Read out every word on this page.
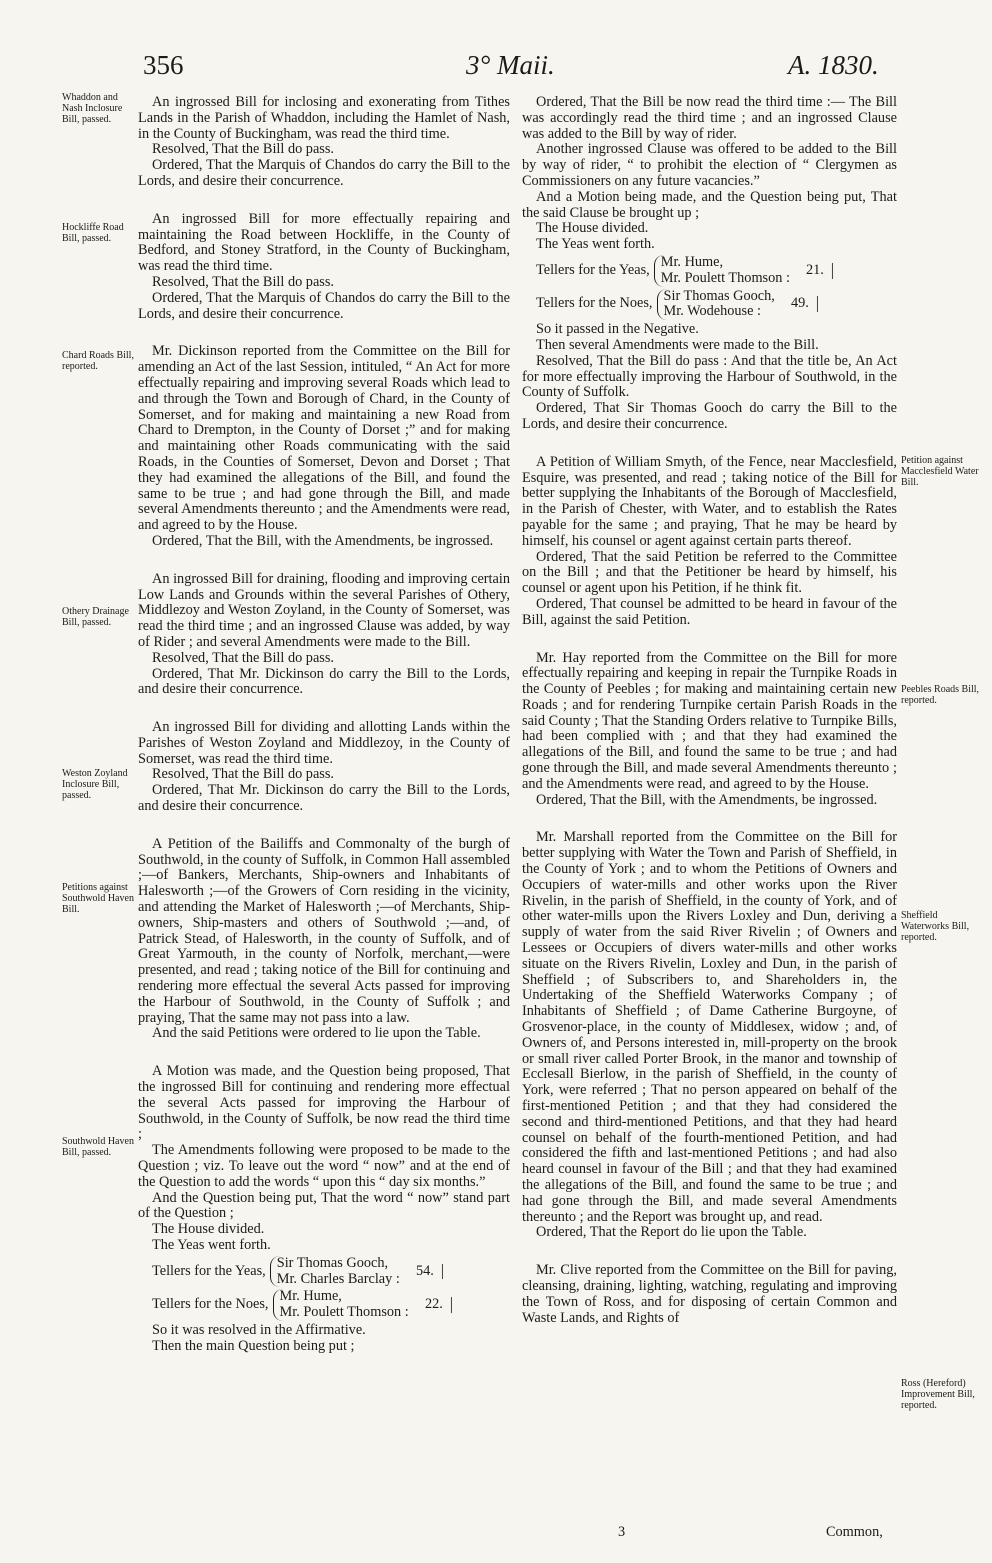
356	3° Maii.	A. 1830.
Whaddon and Nash Inclosure Bill, passed.
Hockliffe Road Bill, passed.
Chard Roads Bill, reported.
Othery Drainage Bill, passed.
Weston Zoyland Inclosure Bill, passed.
Petitions against Southwold Haven Bill.
Southwold Haven Bill, passed.
Petition against Macclesfield Water Bill.
Peebles Roads Bill, reported.
Sheffield Waterworks Bill, reported.
Ross (Hereford) Improvement Bill, reported.

An ingrossed Bill for inclosing and exonerating from Tithes Lands in the Parish of Whaddon, including the Hamlet of Nash, in the County of Buckingham, was read the third time.

Resolved, That the Bill do pass.

Ordered, That the Marquis of Chandos do carry the Bill to the Lords, and desire their concurrence.

An ingrossed Bill for more effectually repairing and maintaining the Road between Hockliffe, in the County of Bedford, and Stoney Stratford, in the County of Buckingham, was read the third time.

Resolved, That the Bill do pass.

Ordered, That the Marquis of Chandos do carry the Bill to the Lords, and desire their concurrence.

Mr. Dickinson reported from the Committee on the Bill for amending an Act of the last Session, intituled, “ An Act for more effectually repairing and improving several Roads which lead to and through the Town and Borough of Chard, in the County of Somerset, and for making and maintaining a new Road from Chard to Drempton, in the County of Dorset ;” and for making and maintaining other Roads communicating with the said Roads, in the Counties of Somerset, Devon and Dorset ; That they had examined the allegations of the Bill, and found the same to be true ; and had gone through the Bill, and made several Amendments thereunto ; and the Amendments were read, and agreed to by the House.

Ordered, That the Bill, with the Amendments, be ingrossed.

An ingrossed Bill for draining, flooding and improving certain Low Lands and Grounds within the several Parishes of Othery, Middlezoy and Weston Zoyland, in the County of Somerset, was read the third time ; and an ingrossed Clause was added, by way of Rider ; and several Amendments were made to the Bill.

Resolved, That the Bill do pass.

Ordered, That Mr. Dickinson do carry the Bill to the Lords, and desire their concurrence.

An ingrossed Bill for dividing and allotting Lands within the Parishes of Weston Zoyland and Middlezoy, in the County of Somerset, was read the third time.

Resolved, That the Bill do pass.

Ordered, That Mr. Dickinson do carry the Bill to the Lords, and desire their concurrence.

A Petition of the Bailiffs and Commonalty of the burgh of Southwold, in the county of Suffolk, in Common Hall assembled ;—of Bankers, Merchants, Ship-owners and Inhabitants of Halesworth ;—of the Growers of Corn residing in the vicinity, and attending the Market of Halesworth ;—of Merchants, Ship-owners, Ship-masters and others of Southwold ;—and, of Patrick Stead, of Halesworth, in the county of Suffolk, and of Great Yarmouth, in the county of Norfolk, merchant,—were presented, and read ; taking notice of the Bill for continuing and rendering more effectual the several Acts passed for improving the Harbour of Southwold, in the County of Suffolk ; and praying, That the same may not pass into a law.

And the said Petitions were ordered to lie upon the Table.

A Motion was made, and the Question being proposed, That the ingrossed Bill for continuing and rendering more effectual the several Acts passed for improving the Harbour of Southwold, in the County of Suffolk, be now read the third time ;

The Amendments following were proposed to be made to the Question ; viz. To leave out the word “ now” and at the end of the Question to add the words “ upon this “ day six months.”

And the Question being put, That the word “ now” stand part of the Question ;

The House divided.

The Yeas went forth.

Tellers for the Yeas, Sir Thomas Gooch,
Mr. Charles Barclay :	54.
Tellers for the Noes, Mr. Hume,
Mr. Poulett Thomson :	22.

So it was resolved in the Affirmative.

Then the main Question being put ;

Ordered, That the Bill be now read the third time :— The Bill was accordingly read the third time ; and an ingrossed Clause was added to the Bill by way of rider.

Another ingrossed Clause was offered to be added to the Bill by way of rider, “ to prohibit the election of “ Clergymen as Commissioners on any future vacancies.”

And a Motion being made, and the Question being put, That the said Clause be brought up ;

The House divided.

The Yeas went forth.

Tellers for the Yeas, Mr. Hume,
Mr. Poulett Thomson :	21.
Tellers for the Noes, Sir Thomas Gooch,
Mr. Wodehouse :	49.

So it passed in the Negative.

Then several Amendments were made to the Bill.

Resolved, That the Bill do pass : And that the title be, An Act for more effectually improving the Harbour of Southwold, in the County of Suffolk.

Ordered, That Sir Thomas Gooch do carry the Bill to the Lords, and desire their concurrence.

A Petition of William Smyth, of the Fence, near Macclesfield, Esquire, was presented, and read ; taking notice of the Bill for better supplying the Inhabitants of the Borough of Macclesfield, in the Parish of Chester, with Water, and to establish the Rates payable for the same ; and praying, That he may be heard by himself, his counsel or agent against certain parts thereof.

Ordered, That the said Petition be referred to the Committee on the Bill ; and that the Petitioner be heard by himself, his counsel or agent upon his Petition, if he think fit.

Ordered, That counsel be admitted to be heard in favour of the Bill, against the said Petition.

Mr. Hay reported from the Committee on the Bill for more effectually repairing and keeping in repair the Turnpike Roads in the County of Peebles ; for making and maintaining certain new Roads ; and for rendering Turnpike certain Parish Roads in the said County ; That the Standing Orders relative to Turnpike Bills, had been complied with ; and that they had examined the allegations of the Bill, and found the same to be true ; and had gone through the Bill, and made several Amendments thereunto ; and the Amendments were read, and agreed to by the House.

Ordered, That the Bill, with the Amendments, be ingrossed.

Mr. Marshall reported from the Committee on the Bill for better supplying with Water the Town and Parish of Sheffield, in the County of York ; and to whom the Petitions of Owners and Occupiers of water-mills and other works upon the River Rivelin, in the parish of Sheffield, in the county of York, and of other water-mills upon the Rivers Loxley and Dun, deriving a supply of water from the said River Rivelin ; of Owners and Lessees or Occupiers of divers water-mills and other works situate on the Rivers Rivelin, Loxley and Dun, in the parish of Sheffield ; of Subscribers to, and Shareholders in, the Undertaking of the Sheffield Waterworks Company ; of Inhabitants of Sheffield ; of Dame Catherine Burgoyne, of Grosvenor-place, in the county of Middlesex, widow ; and, of Owners of, and Persons interested in, mill-property on the brook or small river called Porter Brook, in the manor and township of Ecclesall Bierlow, in the parish of Sheffield, in the county of York, were referred ; That no person appeared on behalf of the first-mentioned Petition ; and that they had considered the second and third-mentioned Petitions, and that they had heard counsel on behalf of the fourth-mentioned Petition, and had considered the fifth and last-mentioned Petitions ; and had also heard counsel in favour of the Bill ; and that they had examined the allegations of the Bill, and found the same to be true ; and had gone through the Bill, and made several Amendments thereunto ; and the Report was brought up, and read.

Ordered, That the Report do lie upon the Table.

Mr. Clive reported from the Committee on the Bill for paving, cleansing, draining, lighting, watching, regulating and improving the Town of Ross, and for disposing of certain Common and Waste Lands, and Rights of

3	Common,
